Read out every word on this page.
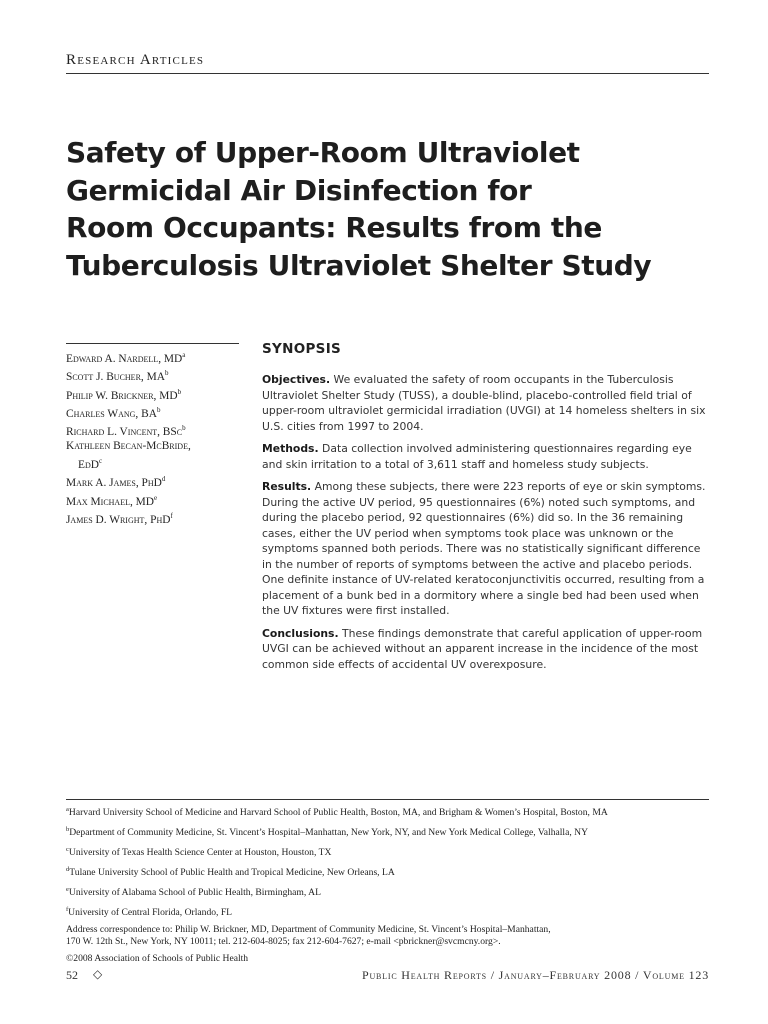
Research Articles
Safety of Upper-Room Ultraviolet
Germicidal Air Disinfection for
Room Occupants: Results from the
Tuberculosis Ultraviolet Shelter Study
Edward A. Nardell, $MD^a$
Scott J. Bucher, $MA^b$
Philip W. Brickner, $MD^b$
Charles Wang, $BA^b$
Richard L. Vincent, BSc$^b$
Kathleen Becan-McBride,
EdD$^c$
Mark A. James, PhD$^d$
Max Michael, MDe
James D. Wright, PhD$^f$
SYNOPSIS

Objectives. We evaluated the safety of room occupants in the Tuberculosis Ultraviolet Shelter Study (TUSS), a double-blind, placebo-controlled field trial of upper-room ultraviolet germicidal irradiation (UVGI) at 14 homeless shelters in six U.S. cities from 1997 to 2004.

Methods. Data collection involved administering questionnaires regarding eye and skin irritation to a total of 3,611 staff and homeless study subjects.

Results. Among these subjects, there were 223 reports of eye or skin symptoms. During the active UV period, 95 questionnaires (6%) noted such symptoms, and during the placebo period, 92 questionnaires (6%) did so. In the 36 remaining cases, either the UV period when symptoms took place was unknown or the symptoms spanned both periods. There was no statistically significant difference in the number of reports of symptoms between the active and placebo periods. One definite instance of UV-related keratoconjunctivitis occurred, resulting from a placement of a bunk bed in a dormitory where a single bed had been used when the UV fixtures were first installed.

Conclusions. These findings demonstrate that careful application of upper-room UVGI can be achieved without an apparent increase in the incidence of the most common side effects of accidental UV overexposure.

$^a$Harvard University School of Medicine and Harvard School of Public Health, Boston, MA, and Brigham & Women’s Hospital, Boston, MA
$^b$Department of Community Medicine, St. Vincent’s Hospital–Manhattan, New York, NY, and New York Medical College, Valhalla, NY
$^c$University of Texas Health Science Center at Houston, Houston, TX
$^d$Tulane University School of Public Health and Tropical Medicine, New Orleans, LA
$^e$University of Alabama School of Public Health, Birmingham, AL
$^f$University of Central Florida, Orlando, FL
Address correspondence to: Philip W. Brickner, MD, Department of Community Medicine, St. Vincent’s Hospital–Manhattan,
170 W. 12th St., New York, NY 10011; tel. 212-604-8025; fax 212-604-7627; e-mail <pbrickner@svcmcny.org>.
©2008 Association of Schools of Public Health
52 ◇	Public Health Reports / January–February 2008 / Volume 123
